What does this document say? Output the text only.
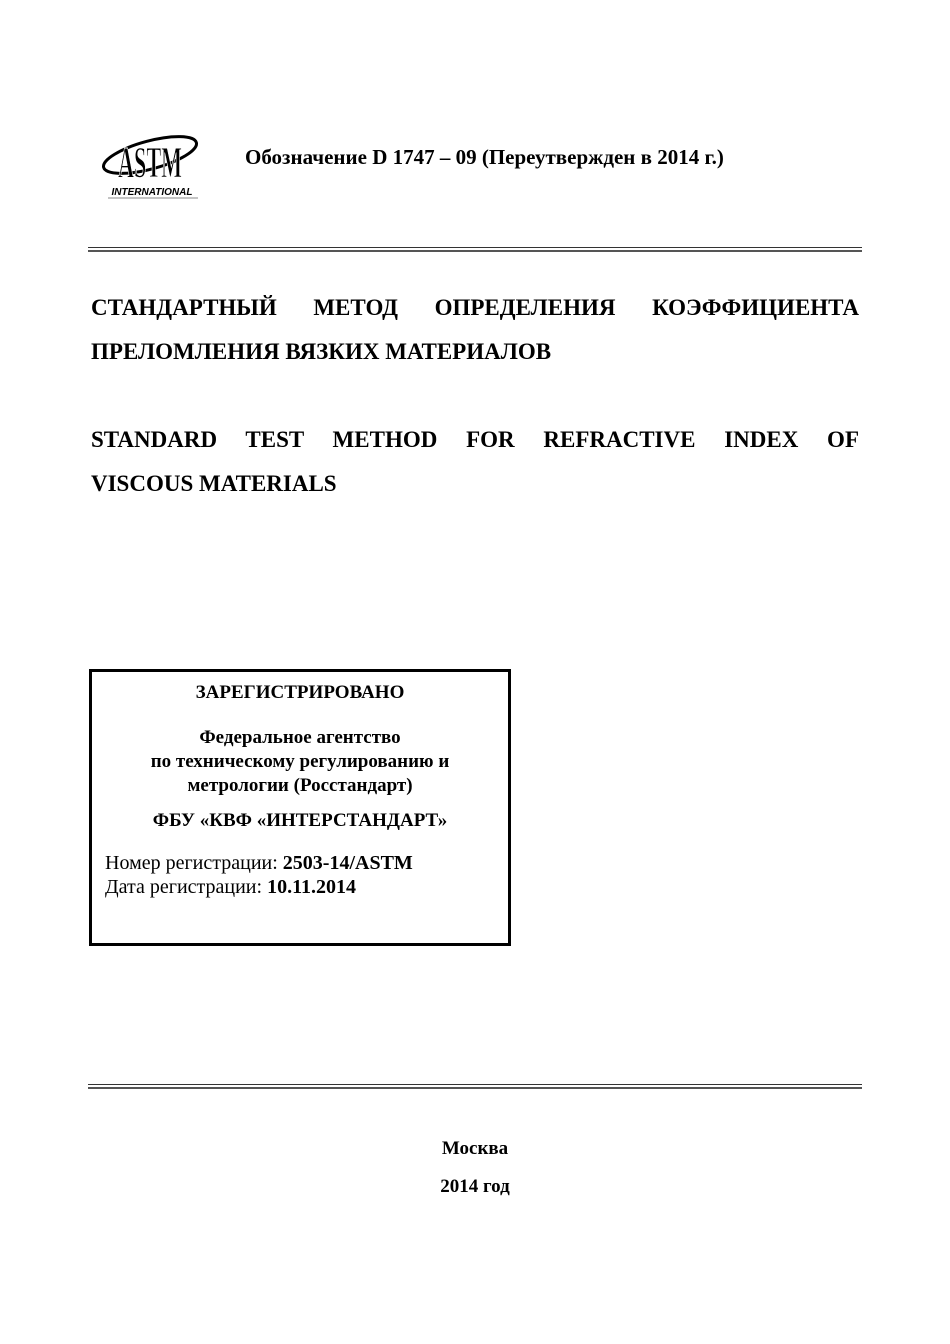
ASTM
INTERNATIONAL
Обозначение D 1747 – 09 (Переутвержден в 2014 г.)
СТАНДАРТНЫЙ МЕТОД ОПРЕДЕЛЕНИЯ КОЭФФИЦИЕНТА
ПРЕЛОМЛЕНИЯ ВЯЗКИХ МАТЕРИАЛОВ
STANDARD TEST METHOD FOR REFRACTIVE INDEX OF
VISCOUS MATERIALS
ЗАРЕГИСТРИРОВАНО
Федеральное агентство
по техническому регулированию и
метрологии (Росстандарт)
ФБУ «КВФ «ИНТЕРСТАНДАРТ»
Номер регистрации: 2503-14/ASTM
Дата регистрации: 10.11.2014
Москва
2014 год
